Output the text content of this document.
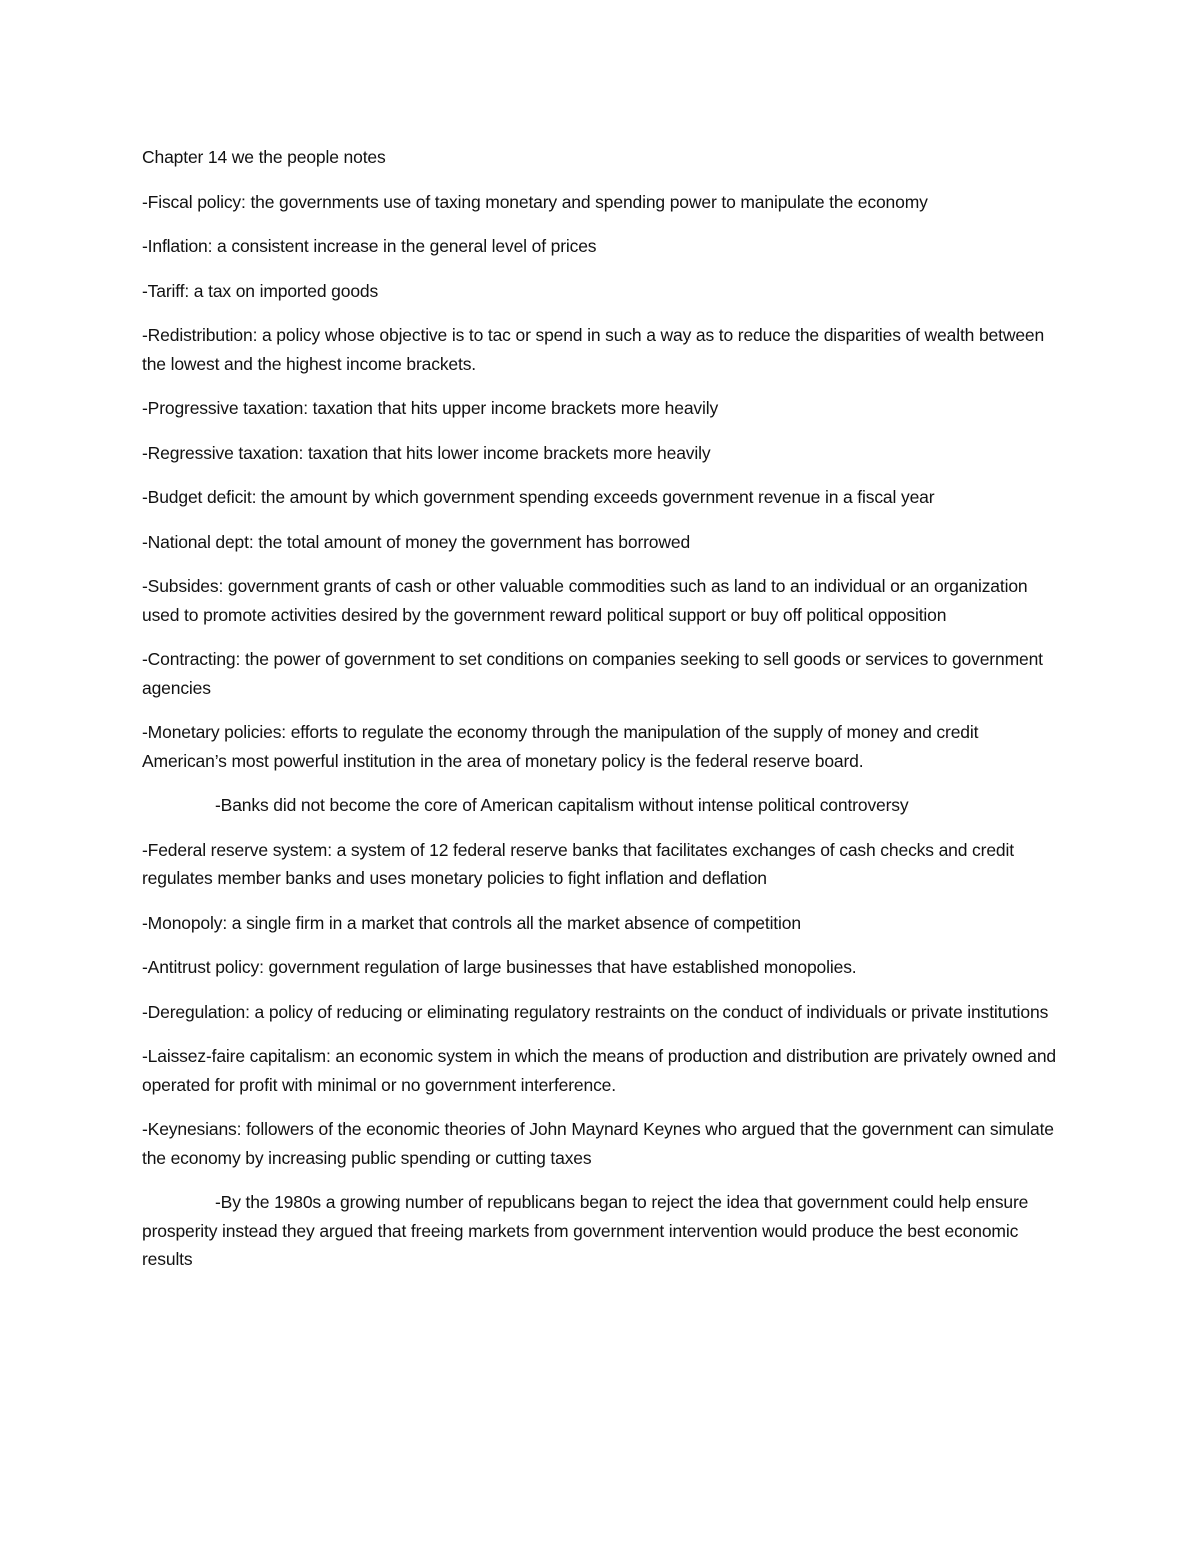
Chapter 14 we the people notes

-Fiscal policy: the governments use of taxing monetary and spending power to manipulate the economy

-Inflation: a consistent increase in the general level of prices

-Tariff: a tax on imported goods

-Redistribution: a policy whose objective is to tac or spend in such a way as to reduce the disparities of wealth between the lowest and the highest income brackets.

-Progressive taxation: taxation that hits upper income brackets more heavily

-Regressive taxation: taxation that hits lower income brackets more heavily

-Budget deficit: the amount by which government spending exceeds government revenue in a fiscal year

-National dept: the total amount of money the government has borrowed

-Subsides: government grants of cash or other valuable commodities such as land to an individual or an organization used to promote activities desired by the government reward political support or buy off political opposition

-Contracting: the power of government to set conditions on companies seeking to sell goods or services to government agencies

-Monetary policies: efforts to regulate the economy through the manipulation of the supply of money and credit American’s most powerful institution in the area of monetary policy is the federal reserve board.

-Banks did not become the core of American capitalism without intense political controversy

-Federal reserve system: a system of 12 federal reserve banks that facilitates exchanges of cash checks and credit regulates member banks and uses monetary policies to fight inflation and deflation

-Monopoly: a single firm in a market that controls all the market absence of competition

-Antitrust policy: government regulation of large businesses that have established monopolies.

-Deregulation: a policy of reducing or eliminating regulatory restraints on the conduct of individuals or private institutions

-Laissez-faire capitalism: an economic system in which the means of production and distribution are privately owned and operated for profit with minimal or no government interference.

-Keynesians: followers of the economic theories of John Maynard Keynes who argued that the government can simulate the economy by increasing public spending or cutting taxes

-By the 1980s a growing number of republicans began to reject the idea that government could help ensure prosperity instead they argued that freeing markets from government intervention would produce the best economic results
